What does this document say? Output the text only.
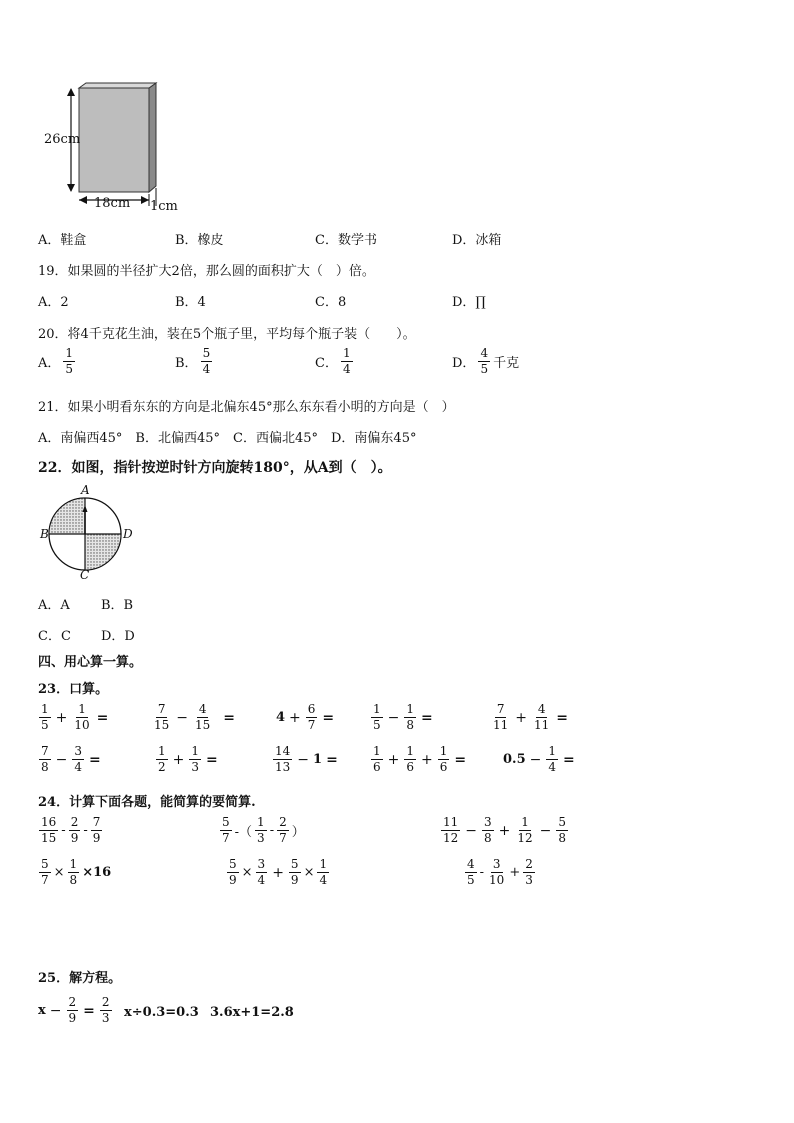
26cm
18cm 1cm
A．鞋盒	B．橡皮	C．数学书	D．冰箱
19．如果圆的半径扩大2倍，那么圆的面积扩大（　）倍。
A．2	B．4	C．8	D．∏
20．将4千克花生油，装在5个瓶子里，平均每个瓶子装（　　）。
A． $\frac{1}{5}$	B． $\frac{5}{4}$	C． $\frac{1}{4}$	D． $\frac{4}{5}$ 千克
21．如果小明看东东的方向是北偏东45°那么东东看小明的方向是（　）
A．南偏西45°　B．北偏西45°　C．西偏北45°　D．南偏东45°
22．如图，指针按逆时针方向旋转180°，从A到（　）。
A
B	D
C
A．A B．B
C．C D．D
四、用心算一算。
23．口算。
$\frac{1}{5} + \frac{1}{10}$ =	$\frac{7}{15} - \frac{4}{15}$ =	$4 + \frac{6}{7}$ =	$\frac{1}{5} - \frac{1}{8}$ =	$\frac{7}{11} + \frac{4}{11}$ =
$\frac{7}{8} - \frac{3}{4}$ =	$\frac{1}{2} + \frac{1}{3}$ =	$\frac{14}{13} - 1$ =	$\frac{1}{6} + \frac{1}{6} + \frac{1}{6}$ =	$0.5 - \frac{1}{4}$ =
24．计算下面各题，能简算的要简算.
$\frac{16}{15} - \frac{2}{9} - \frac{7}{9}$	$\frac{5}{7}$ -（ $\frac{1}{3} - \frac{2}{7}$ ）	$\frac{11}{12} - \frac{3}{8} + \frac{1}{12} - \frac{5}{8}$
$\frac{5}{7} \times \frac{1}{8} \times 16$	$\frac{5}{9} \times \frac{3}{4} + \frac{5}{9} \times \frac{1}{4}$	$\frac{4}{5} - \frac{3}{10} + \frac{2}{3}$
25．解方程。
$x - \frac{2}{9} = \frac{2}{3} x\div 0.3=0.3$ 3.6x+1=2.8
